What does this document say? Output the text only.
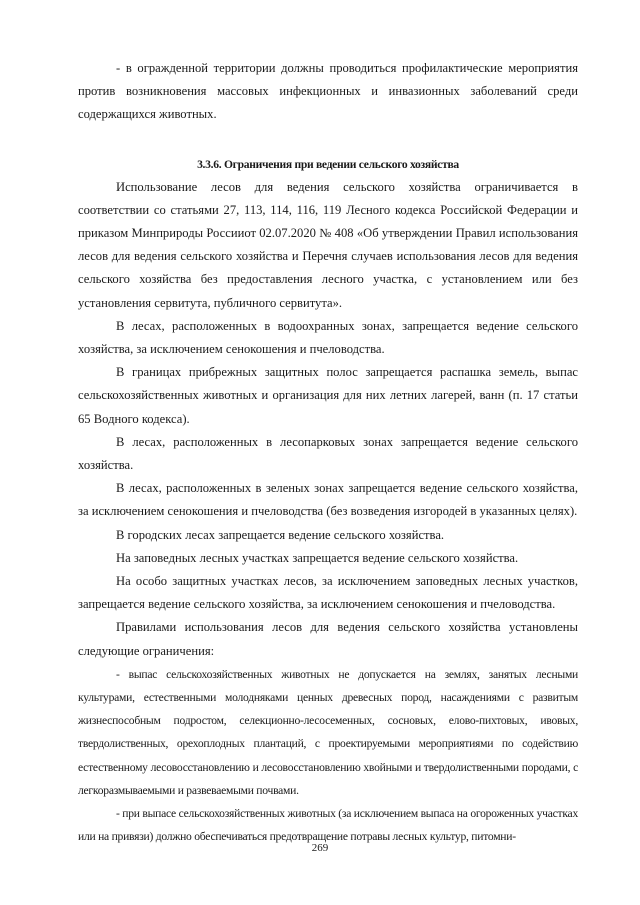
- в огражденной территории должны проводиться профилактические мероприятия против возникновения массовых инфекционных и инвазионных заболеваний среди содержащихся животных.

3.3.6. Ограничения при ведении сельского хозяйства

Использование лесов для ведения сельского хозяйства ограничивается в соответствии со статьями 27, 113, 114, 116, 119 Лесного кодекса Российской Федерации и приказом Минприроды Россииот 02.07.2020 № 408 «Об утверждении Правил использования лесов для ведения сельского хозяйства и Перечня случаев использования лесов для ведения сельского хозяйства без предоставления лесного участка, с установлением или без установления сервитута, публичного сервитута».

В лесах, расположенных в водоохранных зонах, запрещается ведение сельского хозяйства, за исключением сенокошения и пчеловодства.

В границах прибрежных защитных полос запрещается распашка земель, выпас сельскохозяйственных животных и организация для них летних лагерей, ванн (п. 17 статьи 65 Водного кодекса).

В лесах, расположенных в лесопарковых зонах запрещается ведение сельского хозяйства.

В лесах, расположенных в зеленых зонах запрещается ведение сельского хозяйства, за исключением сенокошения и пчеловодства (без возведения изгородей в указанных целях).

В городских лесах запрещается ведение сельского хозяйства.

На заповедных лесных участках запрещается ведение сельского хозяйства.

На особо защитных участках лесов, за исключением заповедных лесных участков, запрещается ведение сельского хозяйства, за исключением сенокошения и пчеловодства.

Правилами использования лесов для ведения сельского хозяйства установлены следующие ограничения:

- выпас сельскохозяйственных животных не допускается на землях, занятых лесными культурами, естественными молодняками ценных древесных пород, насаждениями с развитым жизнеспособным подростом, селекционно-лесосеменных, сосновых, елово-пихтовых, ивовых, твердолиственных, орехоплодных плантаций, с проектируемыми мероприятиями по содействию естественному лесовосстановлению и лесовосстановлению хвойными и твердолиственными породами, с легкоразмываемыми и развеваемыми почвами.

- при выпасе сельскохозяйственных животных (за исключением выпаса на огороженных участках или на привязи) должно обеспечиваться предотвращение потравы лесных культур, питомни-

269
